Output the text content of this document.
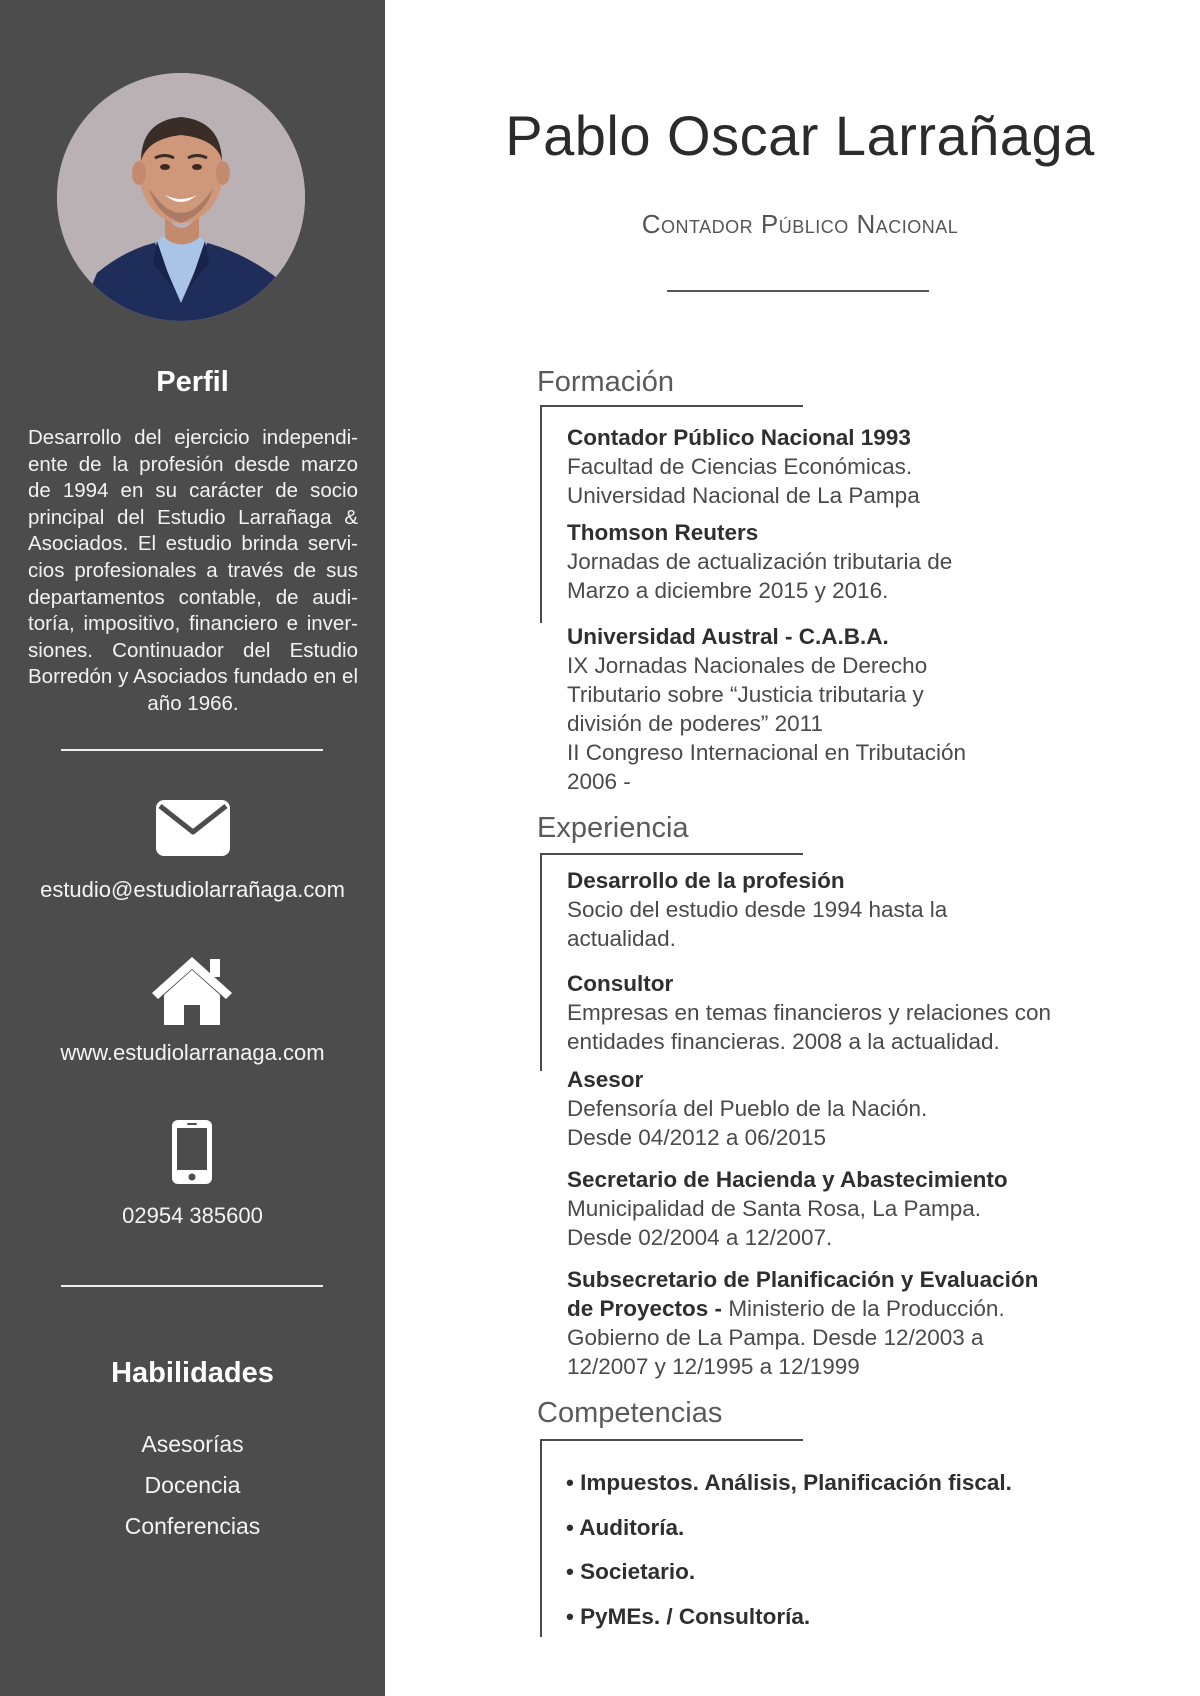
Perfil

Desarrollo del ejercicio independiente de la profesión desde marzo de 1994 en su carácter de socio principal del Estudio Larrañaga & Asociados. El estudio brinda servicios profesionales a través de sus departamentos contable, de auditoría, impositivo, financiero e inversiones. Continuador del Estudio Borredón y Asociados fundado en el año 1966.

estudio@estudiolarrañaga.com
www.estudiolarranaga.com
02954 385600
Habilidades
Asesorías
Docencia
Conferencias
Pablo Oscar Larrañaga
Contador Público Nacional
Formación
Contador Público Nacional 1993
Facultad de Ciencias Económicas.
Universidad Nacional de La Pampa
Thomson Reuters
Jornadas de actualización tributaria de
Marzo a diciembre 2015 y 2016.
Universidad Austral - C.A.B.A.
IX Jornadas Nacionales de Derecho
Tributario sobre “Justicia tributaria y
división de poderes” 2011
II Congreso Internacional en Tributación
2006 -
Experiencia
Desarrollo de la profesión
Socio del estudio desde 1994 hasta la
actualidad.
Consultor
Empresas en temas financieros y relaciones con
entidades financieras. 2008 a la actualidad.
Asesor
Defensoría del Pueblo de la Nación.
Desde 04/2012 a 06/2015
Secretario de Hacienda y Abastecimiento
Municipalidad de Santa Rosa, La Pampa.
Desde 02/2004 a 12/2007.
Subsecretario de Planificación y Evaluación
de Proyectos - Ministerio de la Producción.
Gobierno de La Pampa. Desde 12/2003 a
12/2007 y 12/1995 a 12/1999
Competencias
• Impuestos. Análisis, Planificación fiscal.
• Auditoría.
• Societario.
• PyMEs. / Consultoría.
